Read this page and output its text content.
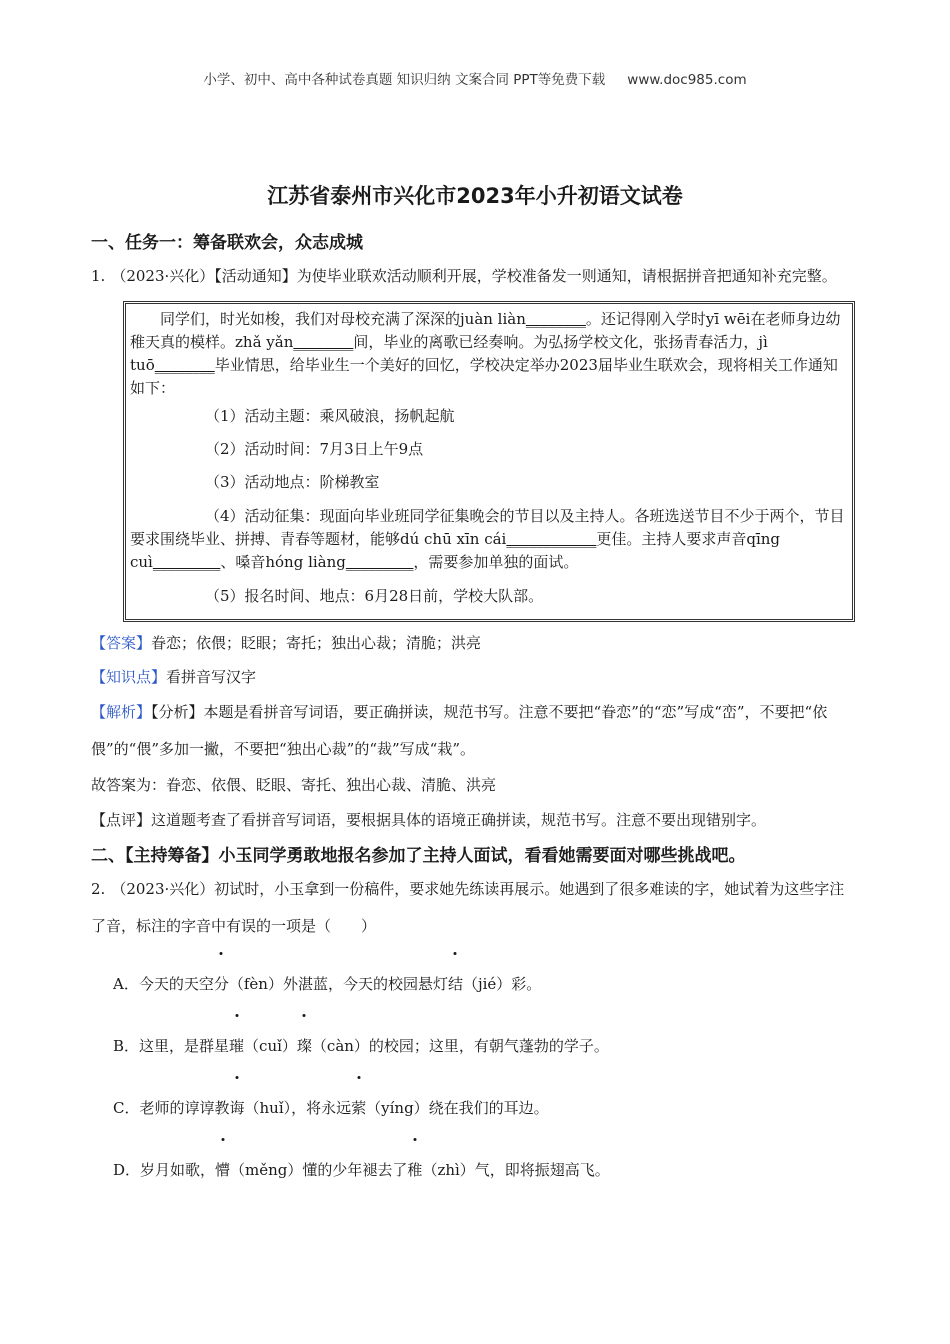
小学、初中、高中各种试卷真题 知识归纳 文案合同 PPT等免费下载 www.doc985.com
江苏省泰州市兴化市2023年小升初语文试卷

一、任务一：筹备联欢会，众志成城

1. （2023·兴化）【活动通知】为使毕业联欢活动顺利开展，学校准备发一则通知，请根据拼音把通知补充完整。

同学们，时光如梭，我们对母校充满了深深的juàn liàn________。还记得刚入学时yī wēi在老师身边幼稚天真的模样。zhǎ yǎn________间，毕业的离歌已经奏响。为弘扬学校文化，张扬青春活力，jì tuō________毕业情思，给毕业生一个美好的回忆，学校决定举办2023届毕业生联欢会，现将相关工作通知如下：

（1）活动主题：乘风破浪，扬帆起航

（2）活动时间：7月3日上午9点

（3）活动地点：阶梯教室

（4）活动征集：现面向毕业班同学征集晚会的节目以及主持人。各班选送节目不少于两个，节目要求围绕毕业、拼搏、青春等题材，能够dú chū xīn cái____________更佳。主持人要求声音qīng cuì_________、嗓音hóng liàng_________，需要参加单独的面试。

（5）报名时间、地点：6月28日前，学校大队部。

【答案】眷恋；依偎；眨眼；寄托；独出心裁；清脆；洪亮

【知识点】看拼音写汉字

【解析】【分析】本题是看拼音写词语，要正确拼读，规范书写。注意不要把“眷恋”的“恋”写成“峦”，不要把“依偎”的“偎”多加一撇，不要把“独出心裁”的“裁”写成“栽”。

故答案为：眷恋、依偎、眨眼、寄托、独出心裁、清脆、洪亮

【点评】这道题考查了看拼音写词语，要根据具体的语境正确拼读，规范书写。注意不要出现错别字。

二、【主持筹备】小玉同学勇敢地报名参加了主持人面试，看看她需要面对哪些挑战吧。

2. （2023·兴化）初试时，小玉拿到一份稿件，要求她先练读再展示。她遇到了很多难读的字，她试着为这些字注了音，标注的字音中有误的一项是（　　）

A．今天的天空分（fèn）外湛蓝，今天的校园悬灯结（jié）彩。

B．这里，是群星璀（cuǐ）璨（càn）的校园；这里，有朝气蓬勃的学子。

C．老师的谆谆教诲（huǐ），将永远萦（yíng）绕在我们的耳边。

D．岁月如歌，懵（měng）懂的少年褪去了稚（zhì）气，即将振翅高飞。
